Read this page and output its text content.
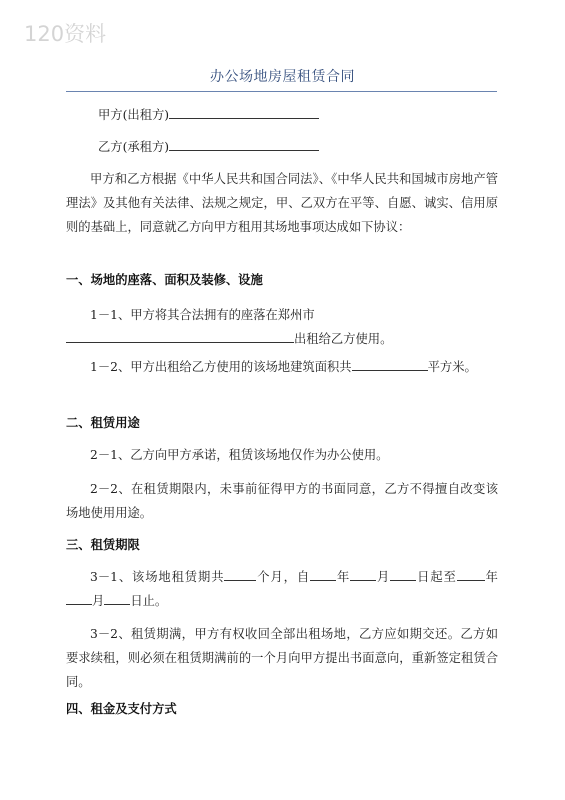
120资料
办公场地房屋租赁合同
甲方(出租方)
乙方(承租方)
甲方和乙方根据《中华人民共和国合同法》、《中华人民共和国城市房地产管理法》及其他有关法律、法规之规定，甲、乙双方在平等、自愿、诚实、信用原则的基础上，同意就乙方向甲方租用其场地事项达成如下协议：
一、场地的座落、面积及装修、设施
1－1、甲方将其合法拥有的座落在郑州市
出租给乙方使用。
1－2、甲方出租给乙方使用的该场地建筑面积共	平方米。
二、租赁用途
2－1、乙方向甲方承诺，租赁该场地仅作为办公使用。
2－2、在租赁期限内，未事前征得甲方的书面同意，乙方不得擅自改变该场地使用用途。
三、租赁期限
3－1、该场地租赁期共	个月，自 年 月 日起至 年月 日止。
3－2、租赁期满，甲方有权收回全部出租场地，乙方应如期交还。乙方如要求续租，则必须在租赁期满前的一个月向甲方提出书面意向，重新签定租赁合同。
四、租金及支付方式
